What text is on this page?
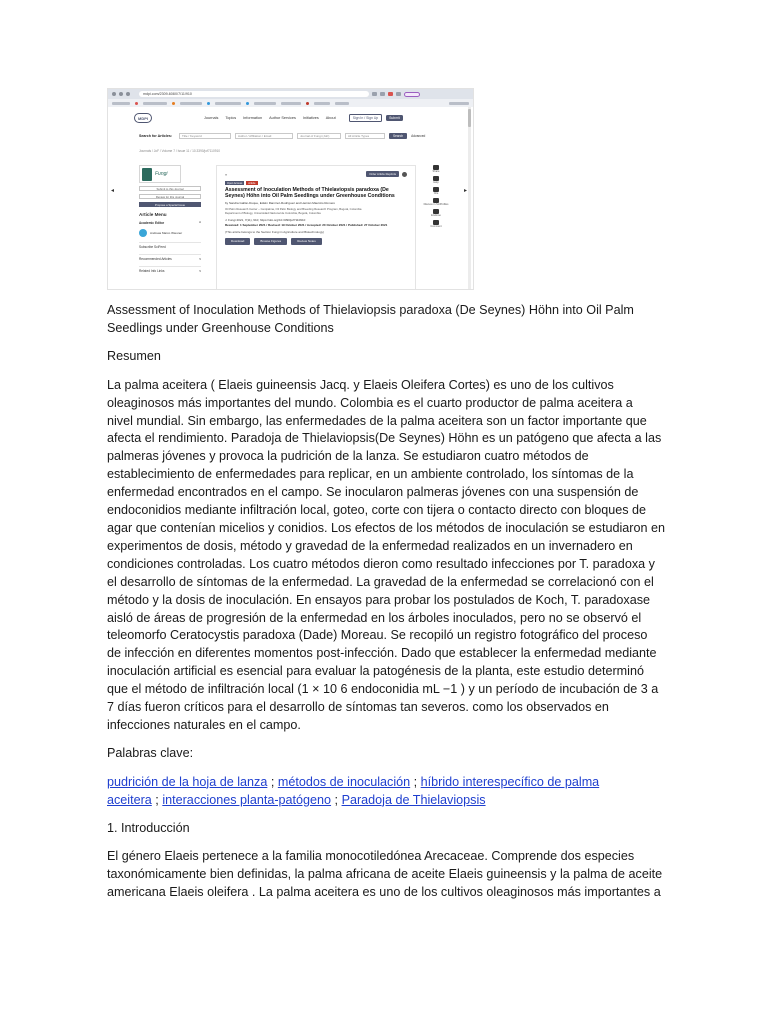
mdpi.com/2309-608X/7/11/910
◂	▸
MDPI	Journals Topics Information Author Services Initiatives About	Sign In / Sign Up	Submit
Search for Articles:	Title / Keyword	Author / Affiliation / Email	Journal of Fungi (JoF)	All Article Types	Search	Advanced
Journals / JoF / Volume 7 / Issue 11 / 10.3390/jof7110910
Fungi
Submit to this Journal
Review for this Journal
Propose a Special Issue
Article Menu
Academic Editor	^
Andreas Marco Wiesner
Subscribe SciFeed
Recommended Articles	v
Related Info Links	v
«	Order Article Reprints
Open Access	Article
Assessment of Inoculation Methods of Thielaviopsis paradoxa (De Seynes) Höhn into Oil Palm Seedlings under Greenhouse Conditions
by Sandra Gallón-Duque, Edwin Ramírez-Rodríguez and Hernán Mauricio Romero
Oil Palm Research Center – Cenipalma, Oil Palm Biology and Breeding Research Program, Bogotá, Colombia
Department of Biology, Universidad Nacional de Colombia, Bogotá, Colombia
J. Fungi 2021, 7(11), 910; https://doi.org/10.3390/jof7110910
Received: 1 September 2021 / Revised: 19 October 2021 / Accepted: 20 October 2021 / Published: 27 October 2021
(This article belongs to the Section Fungi in Agriculture and Biotechnology)
Download	Browse Figures	Review Notes
Share
Help
Cite
Discuss in SciProfiles
Endorse
Comment
Assessment of Inoculation Methods of Thielaviopsis paradoxa (De Seynes) Höhn into Oil Palm
Seedlings under Greenhouse Conditions
Resumen
La palma aceitera ( Elaeis guineensis Jacq. y Elaeis Oleifera Cortes) es uno de los cultivos
oleaginosos más importantes del mundo. Colombia es el cuarto productor de palma aceitera a
nivel mundial. Sin embargo, las enfermedades de la palma aceitera son un factor importante que
afecta el rendimiento. Paradoja de Thielaviopsis(De Seynes) Höhn es un patógeno que afecta a las
palmeras jóvenes y provoca la pudrición de la lanza. Se estudiaron cuatro métodos de
establecimiento de enfermedades para replicar, en un ambiente controlado, los síntomas de la
enfermedad encontrados en el campo. Se inocularon palmeras jóvenes con una suspensión de
endoconidios mediante infiltración local, goteo, corte con tijera o contacto directo con bloques de
agar que contenían micelios y conidios. Los efectos de los métodos de inoculación se estudiaron en
experimentos de dosis, método y gravedad de la enfermedad realizados en un invernadero en
condiciones controladas. Los cuatro métodos dieron como resultado infecciones por T. paradoxa y
el desarrollo de síntomas de la enfermedad. La gravedad de la enfermedad se correlacionó con el
método y la dosis de inoculación. En ensayos para probar los postulados de Koch, T. paradoxase
aisló de áreas de progresión de la enfermedad en los árboles inoculados, pero no se observó el
teleomorfo Ceratocystis paradoxa (Dade) Moreau. Se recopiló un registro fotográfico del proceso
de infección en diferentes momentos post-infección. Dado que establecer la enfermedad mediante
inoculación artificial es esencial para evaluar la patogénesis de la planta, este estudio determinó
que el método de infiltración local (1 × 10 6 endoconidia mL −1 ) y un período de incubación de 3 a
7 días fueron críticos para el desarrollo de síntomas tan severos. como los observados en
infecciones naturales en el campo.
Palabras clave:
pudrición de la hoja de lanza ; métodos de inoculación ; híbrido interespecífico de palma
aceitera ; interacciones planta-patógeno ; Paradoja de Thielaviopsis
1. Introducción
El género Elaeis pertenece a la familia monocotiledónea Arecaceae. Comprende dos especies
taxonómicamente bien definidas, la palma africana de aceite Elaeis guineensis y la palma de aceite
americana Elaeis oleifera . La palma aceitera es uno de los cultivos oleaginosos más importantes a
